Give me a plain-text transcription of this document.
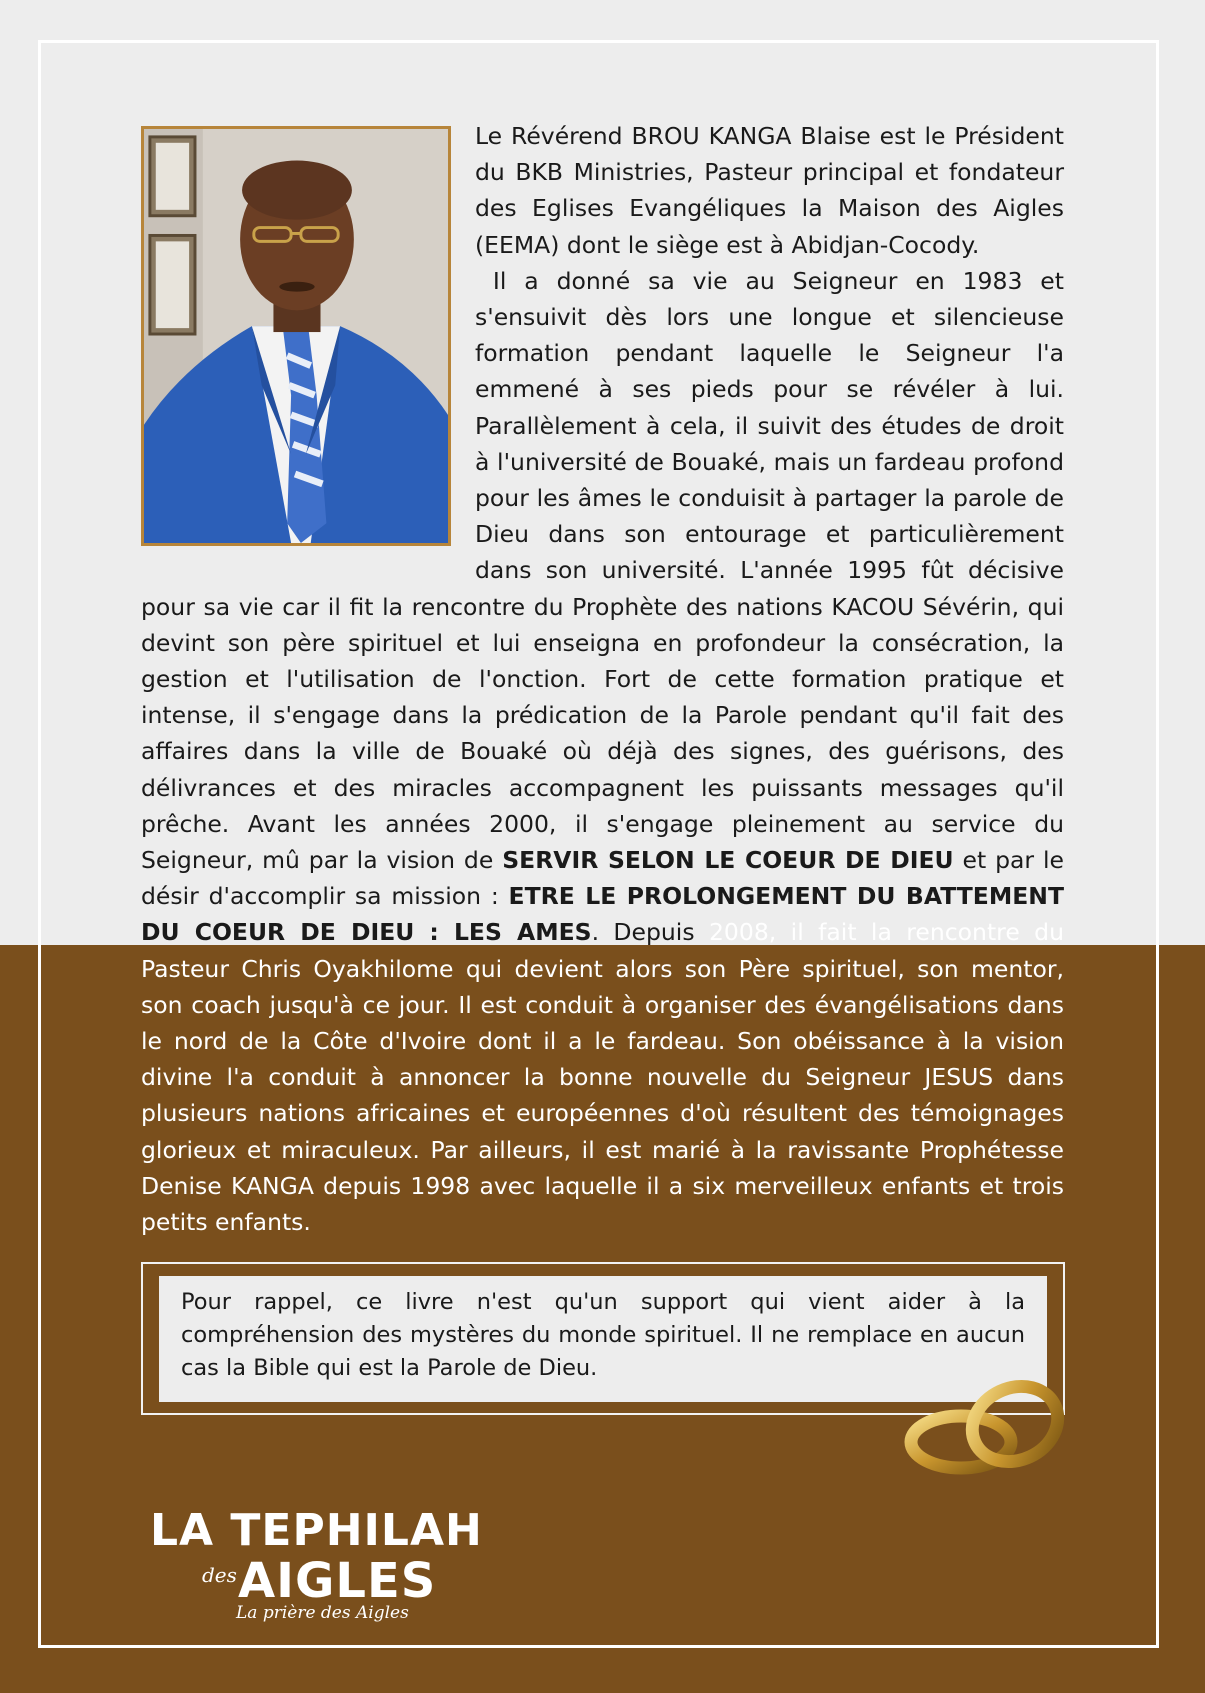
Le Révérend BROU KANGA Blaise est le Président du BKB Ministries, Pasteur principal et fondateur des Eglises Evangéliques la Maison des Aigles (EEMA) dont le siège est à Abidjan-Cocody.
Il a donné sa vie au Seigneur en 1983 et s'ensuivit dès lors une longue et silencieuse formation pendant laquelle le Seigneur l'a emmené à ses pieds pour se révéler à lui. Parallèlement à cela, il suivit des études de droit à l'université de Bouaké, mais un fardeau profond pour les âmes le conduisit à partager la parole de Dieu dans son entourage et particulièrement dans son université. L'année 1995 fût décisive pour sa vie car il fit la rencontre du Prophète des nations KACOU Sévérin, qui devint son père spirituel et lui enseigna en profondeur la consécration, la gestion et l'utilisation de l'onction. Fort de cette formation pratique et intense, il s'engage dans la prédication de la Parole pendant qu'il fait des affaires dans la ville de Bouaké où déjà des signes, des guérisons, des délivrances et des miracles accompagnent les puissants messages qu'il prêche. Avant les années 2000, il s'engage pleinement au service du Seigneur, mû par la vision de SERVIR SELON LE COEUR DE DIEU et par le désir d'accomplir sa mission : ETRE LE PROLONGEMENT DU BATTEMENT DU COEUR DE DIEU : LES AMES. Depuis 2008, il fait la rencontre du Pasteur Chris Oyakhilome qui devient alors son Père spirituel, son mentor, son coach jusqu'à ce jour. Il est conduit à organiser des évangélisations dans le nord de la Côte d'Ivoire dont il a le fardeau. Son obéissance à la vision divine l'a conduit à annoncer la bonne nouvelle du Seigneur JESUS dans plusieurs nations africaines et européennes d'où résultent des témoignages glorieux et miraculeux. Par ailleurs, il est marié à la ravissante Prophétesse Denise KANGA depuis 1998 avec laquelle il a six merveilleux enfants et trois petits enfants.

Pour rappel, ce livre n'est qu'un support qui vient aider à la compréhension des mystères du monde spirituel. Il ne remplace en aucun cas la Bible qui est la Parole de Dieu.
LA TEPHILAH
des AIGLES
La prière des Aigles
